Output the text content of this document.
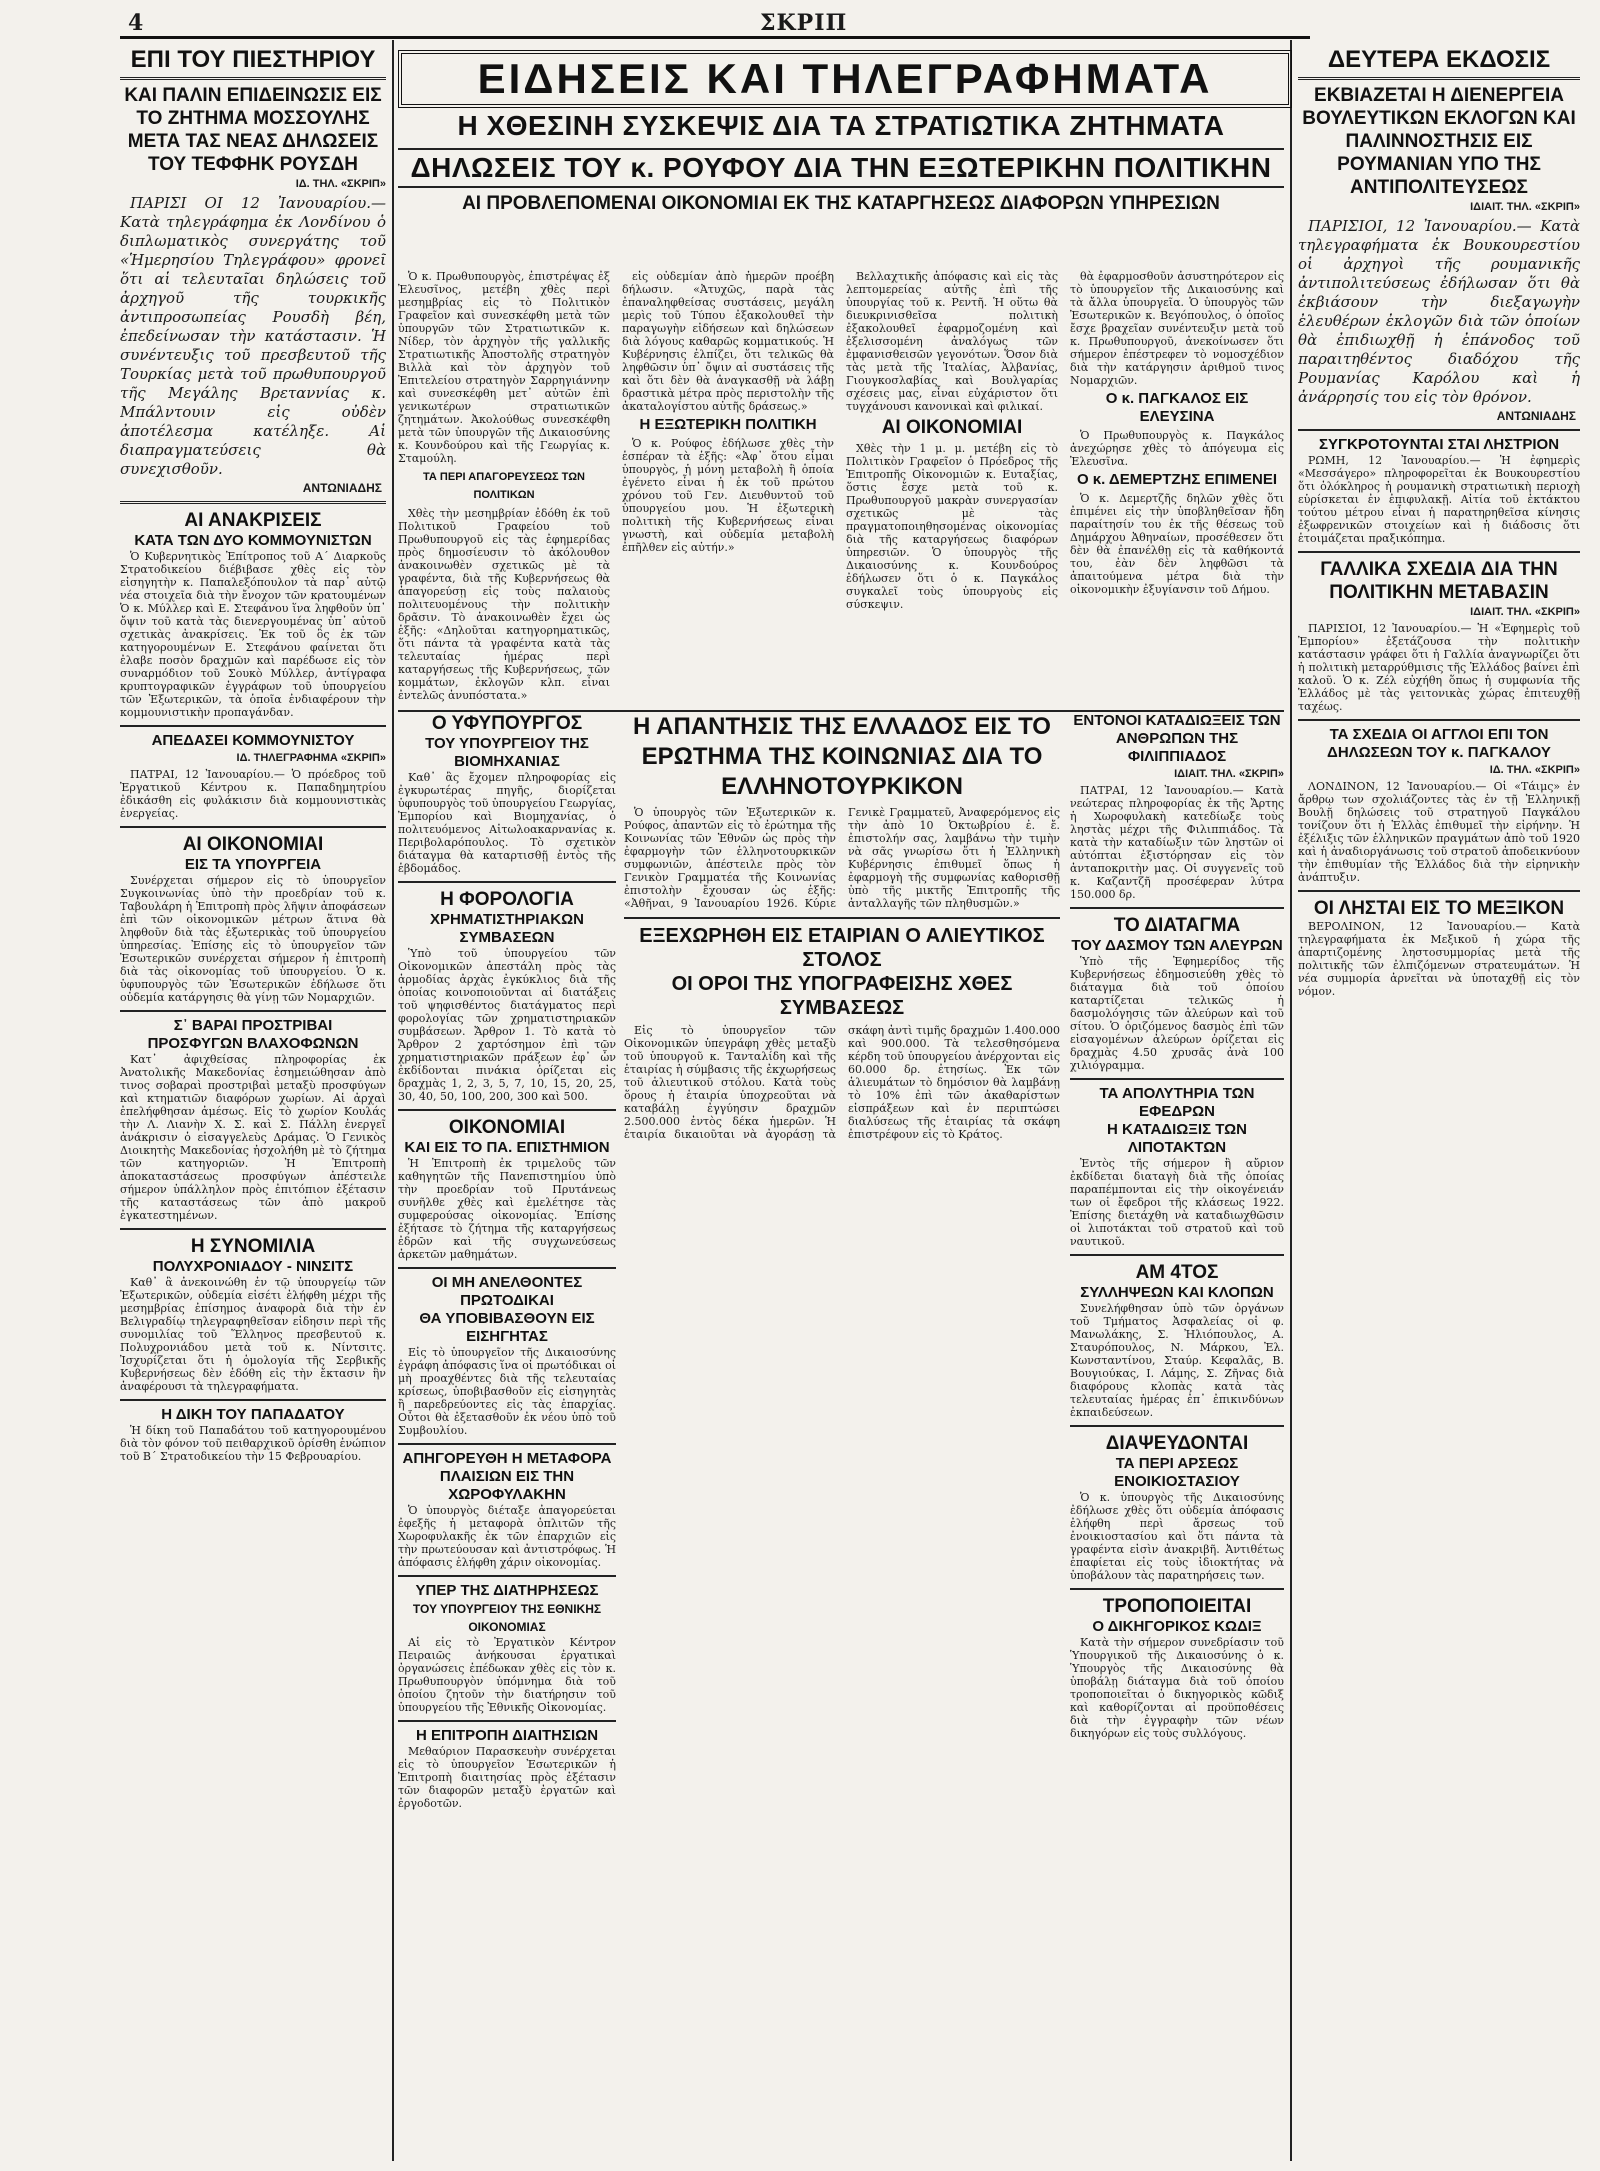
4	ΣΚΡΙΠ
ΕΠΙ ΤΟΥ ΠΙΕΣΤΗΡΙΟΥ
ΚΑΙ ΠΑΛΙΝ ΕΠΙΔΕΙΝΩΣΙΣ ΕΙΣ ΤΟ ΖΗΤΗΜΑ ΜΟΣΣΟΥΛΗΣ ΜΕΤΑ ΤΑΣ ΝΕΑΣ ΔΗΛΩΣΕΙΣ ΤΟΥ ΤΕΦΦΗΚ ΡΟΥΣΔΗ
ΙΔ. ΤΗΛ. «ΣΚΡΙΠ»

ΠΑΡΙΣΙ ΟΙ 12 Ἰανουαρίου.— Κατὰ τηλεγράφημα ἐκ Λονδίνου ὁ διπλωματικὸς συνεργάτης τοῦ «Ἡμερησίου Τηλεγράφου» φρονεῖ ὅτι αἱ τελευταῖαι δηλώσεις τοῦ ἀρχηγοῦ τῆς τουρκικῆς ἀντιπροσωπείας Ρουσδὴ βέη, ἐπεδείνωσαν τὴν κατάστασιν. Ἡ συνέντευξις τοῦ πρεσβευτοῦ τῆς Τουρκίας μετὰ τοῦ πρωθυπουργοῦ τῆς Μεγάλης Βρεταννίας κ. Μπάλντουιν εἰς οὐδὲν ἀποτέλεσμα κατέληξε. Αἱ διαπραγματεύσεις θὰ συνεχισθοῦν.

ΑΝΤΩΝΙΑΔΗΣ
ΑΙ ΑΝΑΚΡΙΣΕΙΣ
ΚΑΤΑ ΤΩΝ ΔΥΟ ΚΟΜΜΟΥΝΙΣΤΩΝ

Ὁ Κυβερνητικὸς Ἐπίτροπος τοῦ Α΄ Διαρκοῦς Στρατοδικείου διέβιβασε χθὲς εἰς τὸν εἰσηγητὴν κ. Παπαλεξόπουλον τὰ παρ᾽ αὐτῷ νέα στοιχεῖα διὰ τὴν ἔνοχον τῶν κρατουμένων Ὁ κ. Μύλλερ καὶ Ε. Στεφάνου ἵνα ληφθοῦν ὑπ᾽ ὄψιν τοῦ κατὰ τὰς διενεργουμένας ὑπ᾽ αὐτοῦ σχετικὰς ἀνακρίσεις. Ἐκ τοῦ ὃς ἐκ τῶν κατηγορουμένων Ε. Στεφάνου φαίνεται ὅτι ἐλαβε ποσὸν δραχμῶν καὶ παρέδωσε εἰς τὸν συναρμόδιον τοῦ Σουκὸ Μύλλερ, ἀντίγραφα κρυπτογραφικῶν ἐγγράφων τοῦ ὑπουργείου τῶν Ἐξωτερικῶν, τὰ ὁποῖα ἐνδιαφέρουν τὴν κομμουνιστικὴν προπαγάνδαν.

ΑΠΕΔΑΣΕΙ ΚΟΜΜΟΥΝΙΣΤΟΥ
ΙΔ. ΤΗΛΕΓΡΑΦΗΜΑ «ΣΚΡΙΠ»

ΠΑΤΡΑΙ, 12 Ἰανουαρίου.— Ὁ πρόεδρος τοῦ Ἐργατικοῦ Κέντρου κ. Παπαδημητρίου ἐδικάσθη εἰς φυλάκισιν διὰ κομμουνιστικὰς ἐνεργείας.

ΑΙ ΟΙΚΟΝΟΜΙΑΙ
ΕΙΣ ΤΑ ΥΠΟΥΡΓΕΙΑ

Συνέρχεται σήμερον εἰς τὸ ὑπουργεῖον Συγκοινωνίας ὑπὸ τὴν προεδρίαν τοῦ κ. Ταβουλάρη ἡ Ἐπιτροπὴ πρὸς λῆψιν ἀποφάσεων ἐπὶ τῶν οἰκονομικῶν μέτρων ἅτινα θὰ ληφθοῦν διὰ τὰς ἐξωτερικὰς τοῦ ὑπουργείου ὑπηρεσίας. Ἐπίσης εἰς τὸ ὑπουργεῖον τῶν Ἐσωτερικῶν συνέρχεται σήμερον ἡ ἐπιτροπὴ διὰ τὰς οἰκονομίας τοῦ ὑπουργείου. Ὁ κ. ὑφυπουργὸς τῶν Ἐσωτερικῶν ἐδήλωσε ὅτι οὐδεμία κατάργησις θὰ γίνῃ τῶν Νομαρχιῶν.

Σ᾽ ΒΑΡΑΙ ΠΡΟΣΤΡΙΒΑΙ
ΠΡΟΣΦΥΓΩΝ ΒΛΑΧΟΦΩΝΩΝ

Κατ᾽ ἀφιχθείσας πληροφορίας ἐκ Ἀνατολικῆς Μακεδονίας ἐσημειώθησαν ἀπὸ τινος σοβαραὶ προστριβαὶ μεταξὺ προσφύγων καὶ κτηματιῶν διαφόρων χωρίων. Αἱ ἀρχαὶ ἐπελήφθησαν ἀμέσως. Εἰς τὸ χωρίον Κουλάς τὴν Λ. Λιανὴν Χ. Σ. καὶ Σ. Πάλλη ἐνεργεῖ ἀνάκρισιν ὁ εἰσαγγελεὺς Δράμας. Ὁ Γενικὸς Διοικητὴς Μακεδονίας ἠσχολήθη μὲ τὸ ζήτημα τῶν κατηγοριῶν. Ἡ Ἐπιτροπὴ ἀποκαταστάσεως προσφύγων ἀπέστειλε σήμερον ὑπάλληλον πρὸς ἐπιτόπιον ἐξέτασιν τῆς καταστάσεως τῶν ἀπὸ μακροῦ ἐγκατεστημένων.

Η ΣΥΝΟΜΙΛΙΑ
ΠΟΛΥΧΡΟΝΙΑΔΟΥ - ΝΙΝΣΙΤΣ

Καθ᾽ ἃ ἀνεκοινώθη ἐν τῷ ὑπουργείῳ τῶν Ἐξωτερικῶν, οὐδεμία εἰσέτι ἐλήφθη μέχρι τῆς μεσημβρίας ἐπίσημος ἀναφορὰ διὰ τὴν ἐν Βελιγραδίῳ τηλεγραφηθεῖσαν εἰδησιν περὶ τῆς συνομιλίας τοῦ Ἕλληνος πρεσβευτοῦ κ. Πολυχρονιάδου μετὰ τοῦ κ. Νίντσιτς. Ἰσχυρίζεται ὅτι ἡ ὁμολογία τῆς Σερβικῆς Κυβερνήσεως δὲν ἐδόθη εἰς τὴν ἔκτασιν ἣν ἀναφέρουσι τὰ τηλεγραφήματα.

Η ΔΙΚΗ ΤΟΥ ΠΑΠΑΔΑΤΟΥ

Ἡ δίκη τοῦ Παπαδάτου τοῦ κατηγορουμένου διὰ τὸν φόνον τοῦ πειθαρχικοῦ ὁρίσθη ἐνώπιον τοῦ Β΄ Στρατοδικείου τὴν 15 Φεβρουαρίου.

ΕΙΔΗΣΕΙΣ ΚΑΙ ΤΗΛΕΓΡΑΦΗΜΑΤΑ
Η ΧΘΕΣΙΝΗ ΣΥΣΚΕΨΙΣ ΔΙΑ ΤΑ ΣΤΡΑΤΙΩΤΙΚΑ ΖΗΤΗΜΑΤΑ
ΔΗΛΩΣΕΙΣ ΤΟΥ κ. ΡΟΥΦΟΥ ΔΙΑ ΤΗΝ ΕΞΩΤΕΡΙΚΗΝ ΠΟΛΙΤΙΚΗΝ
ΑΙ ΠΡΟΒΛΕΠΟΜΕΝΑΙ ΟΙΚΟΝΟΜΙΑΙ ΕΚ ΤΗΣ ΚΑΤΑΡΓΗΣΕΩΣ ΔΙΑΦΟΡΩΝ ΥΠΗΡΕΣΙΩΝ

Ὁ κ. Πρωθυπουργὸς, ἐπιστρέψας ἐξ Ἐλευσῖνος, μετέβη χθὲς περὶ μεσημβρίας εἰς τὸ Πολιτικὸν Γραφεῖον καὶ συνεσκέφθη μετὰ τῶν ὑπουργῶν τῶν Στρατιωτικῶν κ. Νίδερ, τὸν ἀρχηγὸν τῆς γαλλικῆς Στρατιωτικῆς Ἀποστολῆς στρατηγὸν Βιλλὰ καὶ τὸν ἀρχηγὸν τοῦ Ἐπιτελείου στρατηγὸν Σαρρηγιάννην καὶ συνεσκέφθη μετ᾽ αὐτῶν ἐπὶ γενικωτέρων στρατιωτικῶν ζητημάτων. Ἀκολούθως συνεσκέφθη μετὰ τῶν ὑπουργῶν τῆς Δικαιοσύνης κ. Κουνδούρου καὶ τῆς Γεωργίας κ. Σταμούλη.

ΤΑ ΠΕΡΙ ΑΠΑΓΟΡΕΥΣΕΩΣ ΤΩΝ ΠΟΛΙΤΙΚΩΝ

Χθὲς τὴν μεσημβρίαν ἐδόθη ἐκ τοῦ Πολιτικοῦ Γραφείου τοῦ Πρωθυπουργοῦ εἰς τὰς ἐφημερίδας πρὸς δημοσίευσιν τὸ ἀκόλουθον ἀνακοινωθὲν σχετικῶς μὲ τὰ γραφέντα, διὰ τῆς Κυβερνήσεως θὰ ἀπαγορεύσῃ εἰς τοὺς παλαιοὺς πολιτευομένους τὴν πολιτικὴν δρᾶσιν. Τὸ ἀνακοινωθὲν ἔχει ὡς ἑξῆς: «Δηλοῦται κατηγορηματικῶς, ὅτι πάντα τὰ γραφέντα κατὰ τὰς τελευταίας ἡμέρας περὶ καταργήσεως τῆς Κυβερνήσεως, τῶν κομμάτων, ἐκλογῶν κλπ. εἶναι ἐντελῶς ἀνυπόστατα.»

εἰς οὐδεμίαν ἀπὸ ἡμερῶν προέβη δήλωσιν. «Ἀτυχῶς, παρὰ τὰς ἐπαναληφθείσας συστάσεις, μεγάλη μερὶς τοῦ Τύπου ἐξακολουθεῖ τὴν παραγωγὴν εἰδήσεων καὶ δηλώσεων διὰ λόγους καθαρῶς κομματικούς. Ἡ Κυβέρνησις ἐλπίζει, ὅτι τελικῶς θὰ ληφθῶσιν ὑπ᾽ ὄψιν αἱ συστάσεις τῆς καὶ ὅτι δὲν θὰ ἀναγκασθῇ νὰ λάβῃ δραστικὰ μέτρα πρὸς περιστολὴν τῆς ἀκαταλογίστου αὐτῆς δράσεως.»

Η ΕΞΩΤΕΡΙΚΗ ΠΟΛΙΤΙΚΗ

Ὁ κ. Ρούφος ἐδήλωσε χθὲς τὴν ἑσπέραν τὰ ἑξῆς: «Ἀφ᾽ ὅτου εἶμαι ὑπουργὸς, ἡ μόνη μεταβολὴ ἣ ὁποία ἐγένετο εἶναι ἡ ἐκ τοῦ πρώτου χρόνου τοῦ Γεν. Διευθυντοῦ τοῦ ὑπουργείου μου. Ἡ ἐξωτερικὴ πολιτικὴ τῆς Κυβερνήσεως εἶναι γνωστὴ, καὶ οὐδεμία μεταβολὴ ἐπῆλθεν εἰς αὐτήν.»

Βελλαχτικῆς ἀπόφασις καὶ εἰς τὰς λεπτομερείας αὐτῆς ἐπὶ τῆς ὑπουργίας τοῦ κ. Ρεντῆ. Ἡ οὕτω θὰ διευκρινισθεῖσα πολιτικὴ ἐξακολουθεῖ ἐφαρμοζομένη καὶ ἐξελισσομένη ἀναλόγως τῶν ἐμφανισθεισῶν γεγονότων. Ὅσον διὰ τὰς μετὰ τῆς Ἰταλίας, Ἀλβανίας, Γιουγκοσλαβίας καὶ Βουλγαρίας σχέσεις μας, εἶναι εὐχάριστον ὅτι τυγχάνουσι κανονικαὶ καὶ φιλικαί.

ΑΙ ΟΙΚΟΝΟΜΙΑΙ

Χθὲς τὴν 1 μ. μ. μετέβη εἰς τὸ Πολιτικὸν Γραφεῖον ὁ Πρόεδρος τῆς Ἐπιτροπῆς Οἰκονομιῶν κ. Ευταξίας, ὅστις ἔσχε μετὰ τοῦ κ. Πρωθυπουργοῦ μακρὰν συνεργασίαν σχετικῶς μὲ τὰς πραγματοποιηθησομένας οἰκονομίας διὰ τῆς καταργήσεως διαφόρων ὑπηρεσιῶν. Ὁ ὑπουργὸς τῆς Δικαιοσύνης κ. Κουνδούρος ἐδήλωσεν ὅτι ὁ κ. Παγκάλος συγκαλεῖ τοὺς ὑπουργοὺς εἰς σύσκεψιν.

θὰ ἐφαρμοσθοῦν ἀσυστηρότερον εἰς τὸ ὑπουργεῖον τῆς Δικαιοσύνης καὶ τὰ ἄλλα ὑπουργεῖα. Ὁ ὑπουργὸς τῶν Ἐσωτερικῶν κ. Βεγόπουλος, ὁ ὁποῖος ἔσχε βραχεῖαν συνέντευξιν μετὰ τοῦ κ. Πρωθυπουργοῦ, ἀνεκοίνωσεν ὅτι σήμερον ἐπέστρεφεν τὸ νομοσχέδιον διὰ τὴν κατάργησιν ἀριθμοῦ τινος Νομαρχιῶν.

Ο κ. ΠΑΓΚΑΛΟΣ ΕΙΣ ΕΛΕΥΣΙΝΑ

Ὁ Πρωθυπουργὸς κ. Παγκάλος ἀνεχώρησε χθὲς τὸ ἀπόγευμα εἰς Ἐλευσῖνα.

Ο κ. ΔΕΜΕΡΤΖΗΣ ΕΠΙΜΕΝΕΙ

Ὁ κ. Δεμερτζῆς δηλῶν χθὲς ὅτι ἐπιμένει εἰς τὴν ὑποβληθεῖσαν ἤδη παραίτησίν του ἐκ τῆς θέσεως τοῦ Δημάρχου Ἀθηναίων, προσέθεσεν ὅτι δὲν θὰ ἐπανέλθῃ εἰς τὰ καθήκοντά του, ἐὰν δὲν ληφθῶσι τὰ ἀπαιτούμενα μέτρα διὰ τὴν οἰκονομικὴν ἐξυγίανσιν τοῦ Δήμου.

Ο ΥΦΥΠΟΥΡΓΟΣ
ΤΟΥ ΥΠΟΥΡΓΕΙΟΥ ΤΗΣ ΒΙΟΜΗΧΑΝΙΑΣ

Καθ᾽ ἃς ἔχομεν πληροφορίας εἰς ἐγκυρωτέρας πηγῆς, διορίζεται ὑφυπουργὸς τοῦ ὑπουργείου Γεωργίας, Ἐμπορίου καὶ Βιομηχανίας, ὁ πολιτευόμενος Αἰτωλοακαρνανίας κ. Περιβολαρόπουλος. Τὸ σχετικὸν διάταγμα θὰ καταρτισθῇ ἐντὸς τῆς ἑβδομάδος.

Η ΦΟΡΟΛΟΓΙΑ
ΧΡΗΜΑΤΙΣΤΗΡΙΑΚΩΝ ΣΥΜΒΑΣΕΩΝ

Ὑπὸ τοῦ ὑπουργείου τῶν Οἰκονομικῶν ἀπεστάλη πρὸς τὰς ἁρμοδίας ἀρχὰς ἐγκύκλιος διὰ τῆς ὁποίας κοινοποιοῦνται αἱ διατάξεις τοῦ ψηφισθέντος διατάγματος περὶ φορολογίας τῶν χρηματιστηριακῶν συμβάσεων. Ἄρθρον 1. Τὸ κατὰ τὸ Ἄρθρον 2 χαρτόσημον ἐπὶ τῶν χρηματιστηριακῶν πράξεων ἐφ᾽ ὧν ἐκδίδονται πινάκια ὁρίζεται εἰς δραχμὰς 1, 2, 3, 5, 7, 10, 15, 20, 25, 30, 40, 50, 100, 200, 300 καὶ 500.

ΟΙΚΟΝΟΜΙΑΙ
ΚΑΙ ΕΙΣ ΤΟ ΠΑ. ΕΠΙΣΤΗΜΙΟΝ

Ἡ Ἐπιτροπὴ ἐκ τριμελοῦς τῶν καθηγητῶν τῆς Πανεπιστημίου ὑπὸ τὴν προεδρίαν τοῦ Πρυτάνεως συνῆλθε χθὲς καὶ ἐμελέτησε τὰς συμφερούσας οἰκονομίας. Ἐπίσης ἐξήτασε τὸ ζήτημα τῆς καταργήσεως ἐδρῶν καὶ τῆς συγχωνεύσεως ἀρκετῶν μαθημάτων.

ΟΙ ΜΗ ΑΝΕΛΘΟΝΤΕΣ ΠΡΩΤΟΔΙΚΑΙ
ΘΑ ΥΠΟΒΙΒΑΣΘΟΥΝ ΕΙΣ ΕΙΣΗΓΗΤΑΣ

Εἰς τὸ ὑπουργεῖον τῆς Δικαιοσύνης ἐγράφη ἀπόφασις ἵνα οἱ πρωτόδικαι οἱ μὴ προαχθέντες διὰ τῆς τελευταίας κρίσεως, ὑποβιβασθοῦν εἰς εἰσηγητὰς ἢ παρεδρεύοντες εἰς τὰς ἐπαρχίας. Οὗτοι θὰ ἐξετασθοῦν ἐκ νέου ὑπὸ τοῦ Συμβουλίου.

ΑΠΗΓΟΡΕΥΘΗ Η ΜΕΤΑΦΟΡΑ ΠΛΑΙΣΙΩΝ ΕΙΣ ΤΗΝ ΧΩΡΟΦΥΛΑΚΗΝ

Ὁ ὑπουργὸς διέταξε ἀπαγορεύεται ἐφεξῆς ἡ μεταφορὰ ὁπλιτῶν τῆς Χωροφυλακῆς ἐκ τῶν ἐπαρχιῶν εἰς τὴν πρωτεύουσαν καὶ ἀντιστρόφως. Ἡ ἀπόφασις ἐλήφθη χάριν οἰκονομίας.

ΥΠΕΡ ΤΗΣ ΔΙΑΤΗΡΗΣΕΩΣ
ΤΟΥ ΥΠΟΥΡΓΕΙΟΥ ΤΗΣ ΕΘΝΙΚΗΣ ΟΙΚΟΝΟΜΙΑΣ

Αἱ εἰς τὸ Ἐργατικὸν Κέντρον Πειραιῶς ἀνήκουσαι ἐργατικαὶ ὀργανώσεις ἐπέδωκαν χθὲς εἰς τὸν κ. Πρωθυπουργὸν ὑπόμνημα διὰ τοῦ ὁποίου ζητοῦν τὴν διατήρησιν τοῦ ὑπουργείου τῆς Ἐθνικῆς Οἰκονομίας.

Η ΕΠΙΤΡΟΠΗ ΔΙΑΙΤΗΣΙΩΝ

Μεθαύριον Παρασκευὴν συνέρχεται εἰς τὸ ὑπουργεῖον Ἐσωτερικῶν ἡ Ἐπιτροπὴ διαιτησίας πρὸς ἐξέτασιν τῶν διαφορῶν μεταξὺ ἐργατῶν καὶ ἐργοδοτῶν.

Η ΑΠΑΝΤΗΣΙΣ ΤΗΣ ΕΛΛΑΔΟΣ ΕΙΣ ΤΟ ΕΡΩΤΗΜΑ ΤΗΣ ΚΟΙΝΩΝΙΑΣ ΔΙΑ ΤΟ ΕΛΛΗΝΟΤΟΥΡΚΙΚΟΝ

Ὁ ὑπουργὸς τῶν Ἐξωτερικῶν κ. Ρούφος, ἀπαντῶν εἰς τὸ ἐρώτημα τῆς Κοινωνίας τῶν Ἐθνῶν ὡς πρὸς τὴν ἐφαρμογὴν τῶν ἑλληνοτουρκικῶν συμφωνιῶν, ἀπέστειλε πρὸς τὸν Γενικὸν Γραμματέα τῆς Κοινωνίας ἐπιστολὴν ἔχουσαν ὡς ἑξῆς: «Ἀθῆναι, 9 Ἰανουαρίου 1926. Κύριε Γενικὲ Γραμματεῦ, Ἀναφερόμενος εἰς τὴν ἀπὸ 10 Ὀκτωβρίου ἐ. ἔ. ἐπιστολήν σας, λαμβάνω τὴν τιμὴν νὰ σᾶς γνωρίσω ὅτι ἡ Ἑλληνικὴ Κυβέρνησις ἐπιθυμεῖ ὅπως ἡ ἐφαρμογὴ τῆς συμφωνίας καθορισθῇ ὑπὸ τῆς μικτῆς Ἐπιτροπῆς τῆς ἀνταλλαγῆς τῶν πληθυσμῶν.»

ΕΞΕΧΩΡΗΘΗ ΕΙΣ ΕΤΑΙΡΙΑΝ Ο ΑΛΙΕΥΤΙΚΟΣ ΣΤΟΛΟΣ
ΟΙ ΟΡΟΙ ΤΗΣ ΥΠΟΓΡΑΦΕΙΣΗΣ ΧΘΕΣ ΣΥΜΒΑΣΕΩΣ

Εἰς τὸ ὑπουργεῖον τῶν Οἰκονομικῶν ὑπεγράφη χθὲς μεταξὺ τοῦ ὑπουργοῦ κ. Τανταλίδη καὶ τῆς ἑταιρίας ἡ σύμβασις τῆς ἐκχωρήσεως τοῦ ἁλιευτικοῦ στόλου. Κατὰ τοὺς ὅρους ἡ ἑταιρία ὑποχρεοῦται νὰ καταβάλῃ ἐγγύησιν δραχμῶν 2.500.000 ἐντὸς δέκα ἡμερῶν. Ἡ ἑταιρία δικαιοῦται νὰ ἀγοράσῃ τὰ σκάφη ἀντὶ τιμῆς δραχμῶν 1.400.000 καὶ 900.000. Τὰ τελεσθησόμενα κέρδη τοῦ ὑπουργείου ἀνέρχονται εἰς 60.000 δρ. ἐτησίως. Ἐκ τῶν ἁλιευμάτων τὸ δημόσιον θὰ λαμβάνῃ τὸ 10% ἐπὶ τῶν ἀκαθαρίστων εἰσπράξεων καὶ ἐν περιπτώσει διαλύσεως τῆς ἑταιρίας τὰ σκάφη ἐπιστρέφουν εἰς τὸ Κράτος.

ΕΝΤΟΝΟΙ ΚΑΤΑΔΙΩΞΕΙΣ ΤΩΝ ΑΝΘΡΩΠΩΝ ΤΗΣ ΦΙΛΙΠΠΙΑΔΟΣ
ΙΔΙΑΙΤ. ΤΗΛ. «ΣΚΡΙΠ»

ΠΑΤΡΑΙ, 12 Ἰανουαρίου.— Κατὰ νεώτερας πληροφορίας ἐκ τῆς Ἄρτης ἡ Χωροφυλακὴ κατεδίωξε τοὺς ληστὰς μέχρι τῆς Φιλιππιάδος. Τὰ κατὰ τὴν καταδίωξιν τῶν ληστῶν οἱ αὐτόπται ἐξιστόρησαν εἰς τὸν ἀνταποκριτὴν μας. Οἱ συγγενεῖς τοῦ κ. Καζαντζῆ προσέφεραν λύτρα 150.000 δρ.

ΤΟ ΔΙΑΤΑΓΜΑ
ΤΟΥ ΔΑΣΜΟΥ ΤΩΝ ΑΛΕΥΡΩΝ

Ὑπὸ τῆς Ἐφημερίδος τῆς Κυβερνήσεως ἐδημοσιεύθη χθὲς τὸ διάταγμα διὰ τοῦ ὁποίου καταρτίζεται τελικῶς ἡ δασμολόγησις τῶν ἀλεύρων καὶ τοῦ σίτου. Ὁ ὁριζόμενος δασμὸς ἐπὶ τῶν εἰσαγομένων ἀλεύρων ὁρίζεται εἰς δραχμὰς 4.50 χρυσᾶς ἀνὰ 100 χιλιόγραμμα.

ΤΑ ΑΠΟΛΥΤΗΡΙΑ ΤΩΝ ΕΦΕΔΡΩΝ
Η ΚΑΤΑΔΙΩΞΙΣ ΤΩΝ ΛΙΠΟΤΑΚΤΩΝ

Ἐντὸς τῆς σήμερον ἢ αὔριον ἐκδίδεται διαταγὴ διὰ τῆς ὁποίας παραπέμπονται εἰς τὴν οἰκογένειάν των οἱ ἔφεδροι τῆς κλάσεως 1922. Ἐπίσης διετάχθη νὰ καταδιωχθῶσιν οἱ λιποτάκται τοῦ στρατοῦ καὶ τοῦ ναυτικοῦ.

ΑΜ 4ΤΟΣ
ΣΥΛΛΗΨΕΩΝ ΚΑΙ ΚΛΟΠΩΝ

Συνελήφθησαν ὑπὸ τῶν ὀργάνων τοῦ Τμήματος Ἀσφαλείας οἱ φ. Μανωλάκης, Σ. Ἠλιόπουλος, Α. Σταυρόπουλος, Ν. Μάρκου, Ἐλ. Κωνσταντίνου, Σταύρ. Κεφαλᾶς, Β. Βουγιούκας, Ι. Λάμης, Σ. Ζῆνας διὰ διαφόρους κλοπὰς κατὰ τὰς τελευταίας ἡμέρας ἐπ᾽ ἐπικινδύνων ἐκπαιδεύσεων.

ΔΙΑΨΕΥΔΟΝΤΑΙ
ΤΑ ΠΕΡΙ ΑΡΣΕΩΣ ΕΝΟΙΚΙΟΣΤΑΣΙΟΥ

Ὁ κ. ὑπουργὸς τῆς Δικαιοσύνης ἐδήλωσε χθὲς ὅτι οὐδεμία ἀπόφασις ἐλήφθη περὶ ἄρσεως τοῦ ἐνοικιοστασίου καὶ ὅτι πάντα τὰ γραφέντα εἰσὶν ἀνακριβῆ. Ἀντιθέτως ἐπαφίεται εἰς τοὺς ἰδιοκτήτας νὰ ὑποβάλουν τὰς παρατηρήσεις των.

ΤΡΟΠΟΠΟΙΕΙΤΑΙ
Ο ΔΙΚΗΓΟΡΙΚΟΣ ΚΩΔΙΞ

Κατὰ τὴν σήμερον συνεδρίασιν τοῦ Ὑπουργικοῦ τῆς Δικαιοσύνης ὁ κ. Ὑπουργὸς τῆς Δικαιοσύνης θὰ ὑποβάλῃ διάταγμα διὰ τοῦ ὁποίου τροποποιεῖται ὁ δικηγορικὸς κῶδιξ καὶ καθορίζονται αἱ προϋποθέσεις διὰ τὴν ἐγγραφὴν τῶν νέων δικηγόρων εἰς τοὺς συλλόγους.

ΔΕΥΤΕΡΑ ΕΚΔΟΣΙΣ
ΕΚΒΙΑΖΕΤΑΙ Η ΔΙΕΝΕΡΓΕΙΑ ΒΟΥΛΕΥΤΙΚΩΝ ΕΚΛΟΓΩΝ ΚΑΙ ΠΑΛΙΝΝΟΣΤΗΣΙΣ ΕΙΣ ΡΟΥΜΑΝΙΑΝ ΥΠΟ ΤΗΣ ΑΝΤΙΠΟΛΙΤΕΥΣΕΩΣ
ΙΔΙΑΙΤ. ΤΗΛ. «ΣΚΡΙΠ»

ΠΑΡΙΣΙΟΙ, 12 Ἰανουαρίου.— Κατὰ τηλεγραφήματα ἐκ Βουκουρεστίου οἱ ἀρχηγοὶ τῆς ρουμανικῆς ἀντιπολιτεύσεως ἐδήλωσαν ὅτι θὰ ἐκβιάσουν τὴν διεξαγωγὴν ἐλευθέρων ἐκλογῶν διὰ τῶν ὁποίων θὰ ἐπιδιωχθῇ ἡ ἐπάνοδος τοῦ παραιτηθέντος διαδόχου τῆς Ρουμανίας Καρόλου καὶ ἡ ἀνάρρησίς του εἰς τὸν θρόνον.

ΑΝΤΩΝΙΑΔΗΣ
ΣΥΓΚΡΟΤΟΥΝΤΑΙ ΣΤΑΙ ΛΗΣΤΡΙΟΝ

ΡΩΜΗ, 12 Ἰανουαρίου.— Ἡ ἐφημερὶς «Μεσσάγερο» πληροφορεῖται ἐκ Βουκουρεστίου ὅτι ὁλόκληρος ἡ ρουμανικὴ στρατιωτικὴ περιοχὴ εὑρίσκεται ἐν ἐπιφυλακῇ. Αἰτία τοῦ ἐκτάκτου τούτου μέτρου εἶναι ἡ παρατηρηθεῖσα κίνησις ἐξωφρενικῶν στοιχείων καὶ ἡ διάδοσις ὅτι ἑτοιμάζεται πραξικόπημα.

ΓΑΛΛΙΚΑ ΣΧΕΔΙΑ ΔΙΑ ΤΗΝ ΠΟΛΙΤΙΚΗΝ ΜΕΤΑΒΑΣΙΝ
ΙΔΙΑΙΤ. ΤΗΛ. «ΣΚΡΙΠ»

ΠΑΡΙΣΙΟΙ, 12 Ἰανουαρίου.— Ἡ «Ἐφημερὶς τοῦ Ἐμπορίου» ἐξετάζουσα τὴν πολιτικὴν κατάστασιν γράφει ὅτι ἡ Γαλλία ἀναγνωρίζει ὅτι ἡ πολιτικὴ μεταρρύθμισις τῆς Ἑλλάδος βαίνει ἐπὶ καλοῦ. Ὁ κ. Ζέλ εὐχήθη ὅπως ἡ συμφωνία τῆς Ἑλλάδος μὲ τὰς γειτονικὰς χώρας ἐπιτευχθῇ ταχέως.

ΤΑ ΣΧΕΔΙΑ ΟΙ ΑΓΓΛΟΙ ΕΠΙ ΤΟΝ ΔΗΛΩΣΕΩΝ ΤΟΥ κ. ΠΑΓΚΑΛΟΥ
ΙΔ. ΤΗΛ. «ΣΚΡΙΠ»

ΛΟΝΔΙΝΟΝ, 12 Ἰανουαρίου.— Οἱ «Τάιμς» ἐν ἄρθρῳ των σχολιάζοντες τὰς ἐν τῇ Ἑλληνικῇ Βουλῇ δηλώσεις τοῦ στρατηγοῦ Παγκάλου τονίζουν ὅτι ἡ Ἑλλὰς ἐπιθυμεῖ τὴν εἰρήνην. Ἡ ἐξέλιξις τῶν ἑλληνικῶν πραγμάτων ἀπὸ τοῦ 1920 καὶ ἡ ἀναδιοργάνωσις τοῦ στρατοῦ ἀποδεικνύουν τὴν ἐπιθυμίαν τῆς Ἑλλάδος διὰ τὴν εἰρηνικὴν ἀνάπτυξιν.

ΟΙ ΛΗΣΤΑΙ ΕΙΣ ΤΟ ΜΕΞΙΚΟΝ

ΒΕΡΟΛΙΝΟΝ, 12 Ἰανουαρίου.— Κατὰ τηλεγραφήματα ἐκ Μεξικοῦ ἡ χώρα τῆς ἀπαρτιζομένης ληστοσυμμορίας μετὰ τῆς πολιτικῆς τῶν ἐλπιζόμενων στρατευμάτων. Ἡ νέα συμμορία ἀρνεῖται νὰ ὑποταχθῇ εἰς τὸν νόμον.
